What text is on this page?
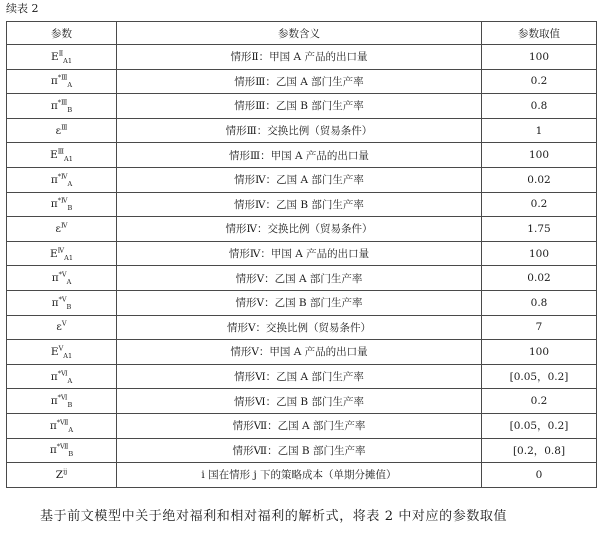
续表 2
参数	参数含义	参数取值
$E^Ⅱ_{A1}$	情形Ⅱ：甲国 A 产品的出口量	100
$\pi^{*Ⅲ}_A$	情形Ⅲ：乙国 A 部门生产率	0.2
$\pi^{*Ⅲ}_B$	情形Ⅲ：乙国 B 部门生产率	0.8
$\varepsilon^Ⅲ$	情形Ⅲ：交换比例（贸易条件）	1
$E^Ⅲ_{A1}$	情形Ⅲ：甲国 A 产品的出口量	100
$\pi^{*Ⅳ}_A$	情形Ⅳ：乙国 A 部门生产率	0.02
$\pi^{*Ⅳ}_B$	情形Ⅳ：乙国 B 部门生产率	0.2
$\varepsilon^Ⅳ$	情形Ⅳ：交换比例（贸易条件）	1.75
$E^Ⅳ_{A1}$	情形Ⅳ：甲国 A 产品的出口量	100
$\pi^{*Ⅴ}_A$	情形Ⅴ：乙国 A 部门生产率	0.02
$\pi^{*Ⅴ}_B$	情形Ⅴ：乙国 B 部门生产率	0.8
$\varepsilon^Ⅴ$	情形Ⅴ：交换比例（贸易条件）	7
$E^Ⅴ_{A1}$	情形Ⅴ：甲国 A 产品的出口量	100
$\pi^{*Ⅵ}_A$	情形Ⅵ：乙国 A 部门生产率	[0.05，0.2]
$\pi^{*Ⅵ}_B$	情形Ⅵ：乙国 B 部门生产率	0.2
$\pi^{*Ⅶ}_A$	情形Ⅶ：乙国 A 部门生产率	[0.05，0.2]
$\pi^{*Ⅶ}_B$	情形Ⅶ：乙国 B 部门生产率	[0.2，0.8]
$Z^{ij}$	i 国在情形 j 下的策略成本（单期分摊值）	0
基于前文模型中关于绝对福利和相对福利的解析式，将表 2 中对应的参数取值
